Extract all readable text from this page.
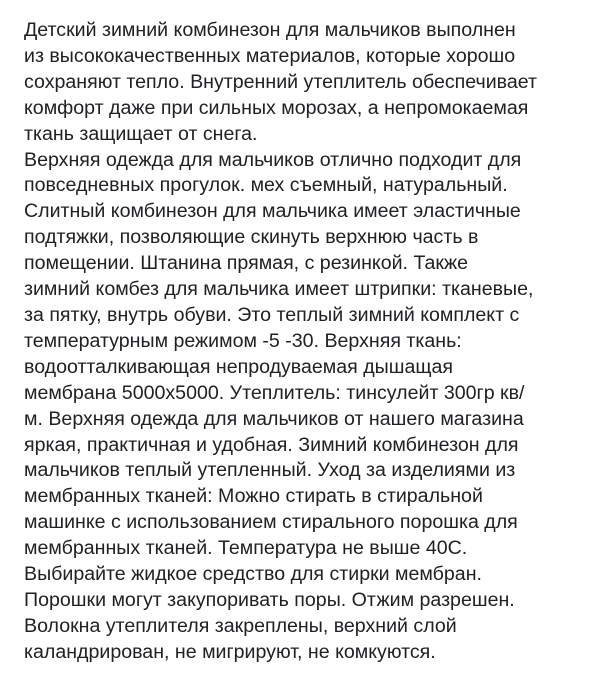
Детский зимний комбинезон для мальчиков выполнен
из высококачественных материалов, которые хорошо
сохраняют тепло. Внутренний утеплитель обеспечивает
комфорт даже при сильных морозах, а непромокаемая
ткань защищает от снега.

Верхняя одежда для мальчиков отлично подходит для
повседневных прогулок. мех съемный, натуральный.
Слитный комбинезон для мальчика имеет эластичные
подтяжки, позволяющие скинуть верхнюю часть в
помещении. Штанина прямая, с резинкой. Также
зимний комбез для мальчика имеет штрипки: тканевые,
за пятку, внутрь обуви. Это теплый зимний комплект с
температурным режимом -5 -30. Верхняя ткань:
водоотталкивающая непродуваемая дышащая
мембрана 5000х5000. Утеплитель: тинсулейт 300гр кв/
м. Верхняя одежда для мальчиков от нашего магазина
яркая, практичная и удобная. Зимний комбинезон для
мальчиков теплый утепленный. Уход за изделиями из
мембранных тканей: Можно стирать в стиральной
машинке с использованием стирального порошка для
мембранных тканей. Температура не выше 40С.
Выбирайте жидкое средство для стирки мембран.
Порошки могут закупоривать поры. Отжим разрешен.
Волокна утеплителя закреплены, верхний слой
каландрирован, не мигрируют, не комкуются.
